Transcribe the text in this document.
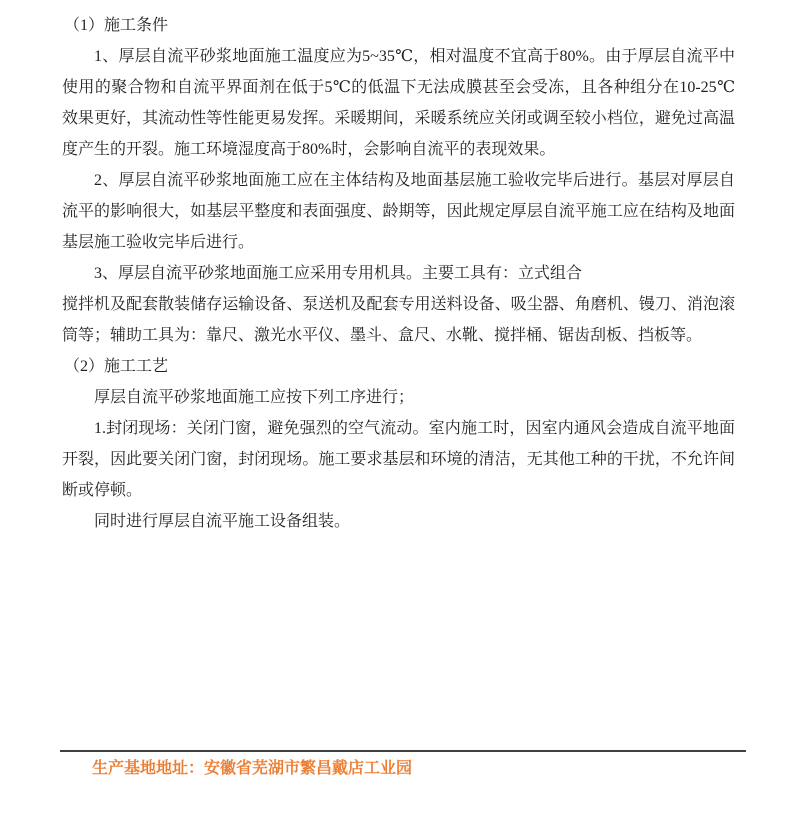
（1）施工条件

1、厚层自流平砂浆地面施工温度应为5~35℃，相对温度不宜高于80%。由于厚层自流平中使用的聚合物和自流平界面剂在低于5℃的低温下无法成膜甚至会受冻，且各种组分在10-25℃效果更好，其流动性等性能更易发挥。采暖期间，采暖系统应关闭或调至较小档位，避免过高温度产生的开裂。施工环境湿度高于80%时，会影响自流平的表现效果。

2、厚层自流平砂浆地面施工应在主体结构及地面基层施工验收完毕后进行。基层对厚层自流平的影响很大，如基层平整度和表面强度、龄期等，因此规定厚层自流平施工应在结构及地面基层施工验收完毕后进行。

3、厚层自流平砂浆地面施工应采用专用机具。主要工具有：立式组合
搅拌机及配套散装储存运输设备、泵送机及配套专用送料设备、吸尘器、角磨机、镘刀、消泡滚筒等；辅助工具为：靠尺、激光水平仪、墨斗、盒尺、水靴、搅拌桶、锯齿刮板、挡板等。

（2）施工工艺

厚层自流平砂浆地面施工应按下列工序进行；

1.封闭现场：关闭门窗，避免强烈的空气流动。室内施工时，因室内通风会造成自流平地面开裂，因此要关闭门窗，封闭现场。施工要求基层和环境的清洁，无其他工种的干扰，不允许间断或停顿。

同时进行厚层自流平施工设备组装。

生产基地地址：安徽省芜湖市繁昌戴店工业园
